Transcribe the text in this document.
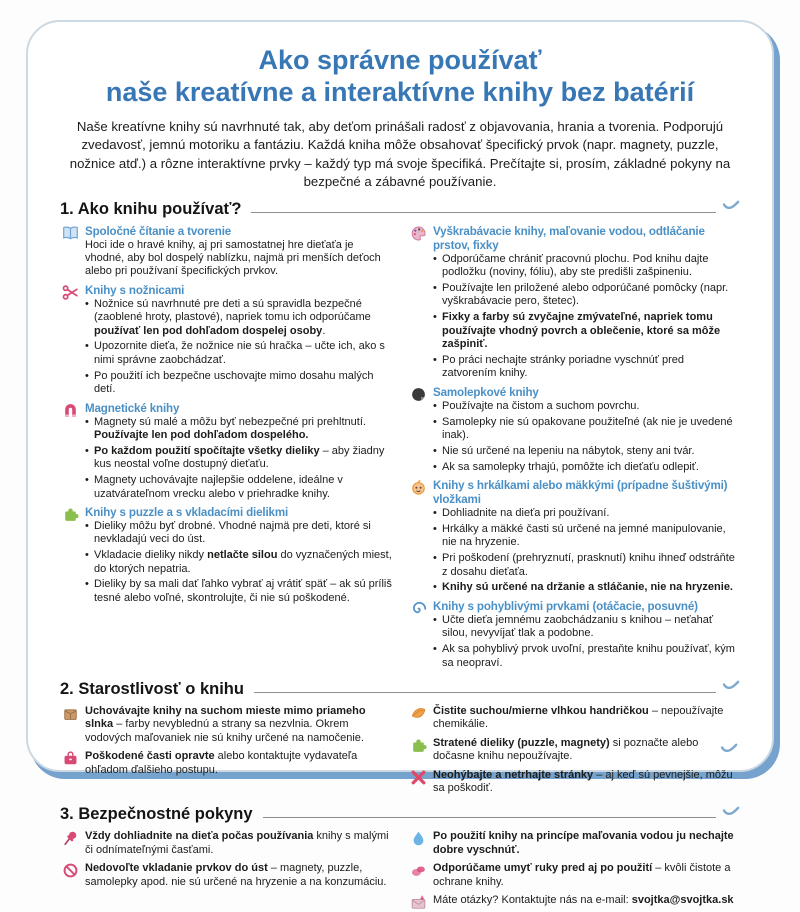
Ako správne používať
naše kreatívne a interaktívne knihy bez batérií

Naše kreatívne knihy sú navrhnuté tak, aby deťom prinášali radosť z objavovania, hrania a tvorenia. Podporujú zvedavosť, jemnú motoriku a fantáziu. Každá kniha môže obsahovať špecifický prvok (napr. magnety, puzzle, nožnice atď.) a rôzne interaktívne prvky – každý typ má svoje špecifiká. Prečítajte si, prosím, základné pokyny na bezpečné a zábavné používanie.

1. Ako knihu používať?
Spoločné čítanie a tvorenie

Hoci ide o hravé knihy, aj pri samostatnej hre dieťaťa je vhodné, aby bol dospelý nablízku, najmä pri menších deťoch alebo pri používaní špecifických prvkov.

Knihy s nožnicami
• Nožnice sú navrhnuté pre deti a sú spravidla bezpečné (zaoblené hroty, plastové), napriek tomu ich odporúčame používať len pod dohľadom dospelej osoby.
• Upozornite dieťa, že nožnice nie sú hračka – učte ich, ako s nimi správne zaobchádzať.
• Po použití ich bezpečne uschovajte mimo dosahu malých detí.
Magnetické knihy
• Magnety sú malé a môžu byť nebezpečné pri prehltnutí. Používajte len pod dohľadom dospelého.
• Po každom použití spočítajte všetky dieliky – aby žiadny kus neostal voľne dostupný dieťaťu.
• Magnety uchovávajte najlepšie oddelene, ideálne v uzatvárateľnom vrecku alebo v priehradke knihy.
Knihy s puzzle a s vkladacími dielikmi
• Dieliky môžu byť drobné. Vhodné najmä pre deti, ktoré si nevkladajú veci do úst.
• Vkladacie dieliky nikdy netlačte silou do vyznačených miest, do ktorých nepatria.
• Dieliky by sa mali dať ľahko vybrať aj vrátiť späť – ak sú príliš tesné alebo voľné, skontrolujte, či nie sú poškodené.
Vyškrabávacie knihy, maľovanie vodou, odtláčanie prstov, fixky
• Odporúčame chrániť pracovnú plochu. Pod knihu dajte podložku (noviny, fóliu), aby ste predišli zašpineniu.
• Používajte len priložené alebo odporúčané pomôcky (napr. vyškrabávacie pero, štetec).
• Fixky a farby sú zvyčajne zmývateľné, napriek tomu používajte vhodný povrch a oblečenie, ktoré sa môže zašpiniť.
• Po práci nechajte stránky poriadne vyschnúť pred zatvorením knihy.
Samolepkové knihy
• Používajte na čistom a suchom povrchu.
• Samolepky nie sú opakovane použiteľné (ak nie je uvedené inak).
• Nie sú určené na lepeniu na nábytok, steny ani tvár.
• Ak sa samolepky trhajú, pomôžte ich dieťaťu odlepiť.
Knihy s hrkálkami alebo mäkkými (prípadne šuštivými) vložkami
• Dohliadnite na dieťa pri používaní.
• Hrkálky a mäkké časti sú určené na jemné manipulovanie, nie na hryzenie.
• Pri poškodení (prehryznutí, prasknutí) knihu ihneď odstráňte z dosahu dieťaťa.
• Knihy sú určené na držanie a stláčanie, nie na hryzenie.
Knihy s pohyblivými prvkami (otáčacie, posuvné)
• Učte dieťa jemnému zaobchádzaniu s knihou – neťahať silou, nevyvíjať tlak a podobne.
• Ak sa pohyblivý prvok uvoľní, prestaňte knihu používať, kým sa neopraví.
2. Starostlivosť o knihu

Uchovávajte knihy na suchom mieste mimo priameho slnka – farby nevyblednú a strany sa nezvlnia. Okrem vodových maľovaniek nie sú knihy určené na namočenie.

Poškodené časti opravte alebo kontaktujte vydavateľa ohľadom ďalšieho postupu.

Čistite suchou/mierne vlhkou handričkou – nepoužívajte chemikálie.

Stratené dieliky (puzzle, magnety) si poznačte alebo dočasne knihu nepoužívajte.

Neohýbajte a netrhajte stránky – aj keď sú pevnejšie, môžu sa poškodiť.

3. Bezpečnostné pokyny

Vždy dohliadnite na dieťa počas používania knihy s malými či odnímateľnými časťami.

Nedovoľte vkladanie prvkov do úst – magnety, puzzle, samolepky apod. nie sú určené na hryzenie a na konzumáciu.

Po použití knihy na princípe maľovania vodou ju nechajte dobre vyschnúť.

Odporúčame umyť ruky pred aj po použití – kvôli čistote a ochrane knihy.

Máte otázky? Kontaktujte nás na e-mail: svojtka@svojtka.sk
